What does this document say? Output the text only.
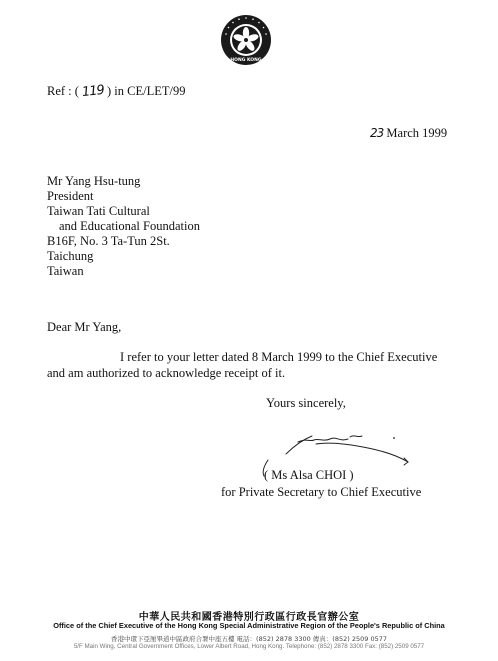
HONG KONG
Ref : ( 119 ) in CE/LET/99
23 March 1999
Mr Yang Hsu-tung
President
Taiwan Tati Cultural
and Educational Foundation
B16F, No. 3 Ta-Tun 2St.
Taichung
Taiwan
Dear Mr Yang,
I refer to your letter dated 8 March 1999 to the Chief Executive
and am authorized to acknowledge receipt of it.
Yours sincerely,
( Ms Alsa CHOI )
for Private Secretary to Chief Executive
中華人民共和國香港特別行政區行政長官辦公室
Office of the Chief Executive of the Hong Kong Special Administrative Region of the People's Republic of China
香港中環下亞厘畢道中區政府合署中座五樓 電話：(852) 2878 3300 傳真：(852) 2509 0577
5/F Main Wing, Central Government Offices, Lower Albert Road, Hong Kong. Telephone: (852) 2878 3300 Fax: (852) 2509 0577
